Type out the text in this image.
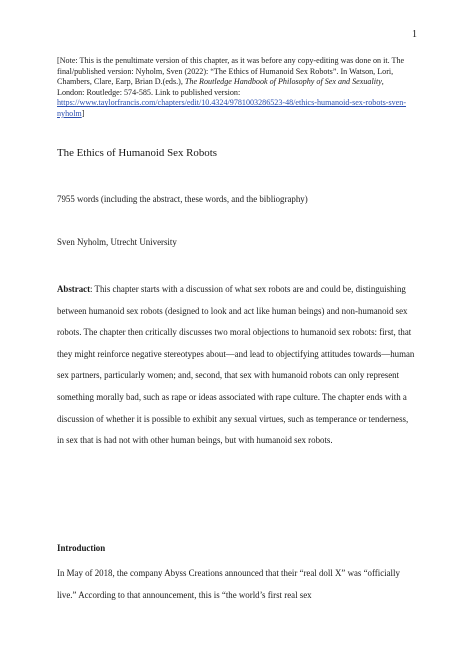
1
[Note: This is the penultimate version of this chapter, as it was before any copy-editing was done on it. The final/published version: Nyholm, Sven (2022): “The Ethics of Humanoid Sex Robots”. In Watson, Lori, Chambers, Clare, Earp, Brian D.(eds.), The Routledge Handbook of Philosophy of Sex and Sexuality, London: Routledge: 574-585. Link to published version: https://www.taylorfrancis.com/chapters/edit/10.4324/9781003286523-48/ethics-humanoid-sex-robots-sven-nyholm]
The Ethics of Humanoid Sex Robots
7955 words (including the abstract, these words, and the bibliography)
Sven Nyholm, Utrecht University
Abstract: This chapter starts with a discussion of what sex robots are and could be, distinguishing between humanoid sex robots (designed to look and act like human beings) and non-humanoid sex robots. The chapter then critically discusses two moral objections to humanoid sex robots: first, that they might reinforce negative stereotypes about—and lead to objectifying attitudes towards—human sex partners, particularly women; and, second, that sex with humanoid robots can only represent something morally bad, such as rape or ideas associated with rape culture. The chapter ends with a discussion of whether it is possible to exhibit any sexual virtues, such as temperance or tenderness, in sex that is had not with other human beings, but with humanoid sex robots.
Introduction
In May of 2018, the company Abyss Creations announced that their “real doll X” was “officially live.” According to that announcement, this is “the world’s first real sex
